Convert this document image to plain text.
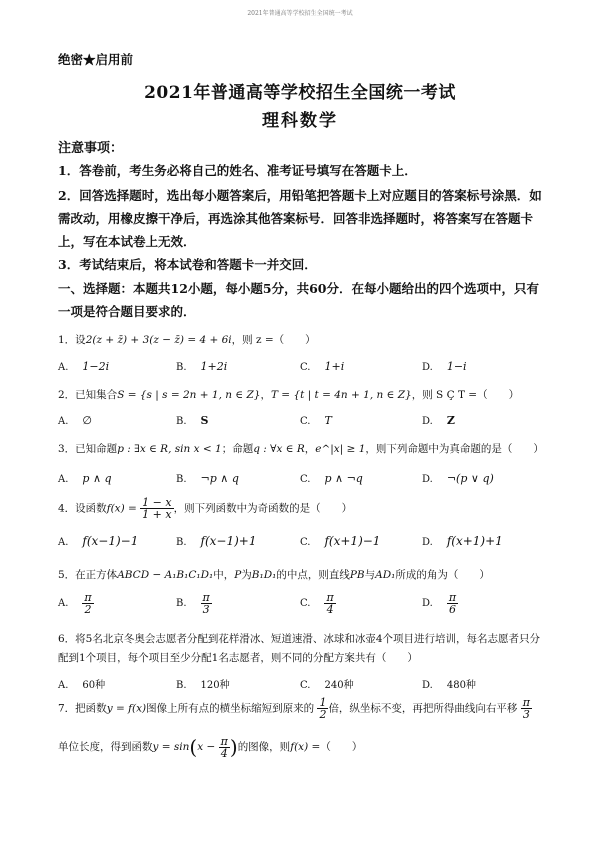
2021年普通高等学校招生全国统一考试
绝密★启用前
2021年普通高等学校招生全国统一考试
理科数学
注意事项：
1．答卷前，考生务必将自己的姓名、准考证号填写在答题卡上．
2．回答选择题时，选出每小题答案后，用铅笔把答题卡上对应题目的答案标号涂黑．如需改动，用橡皮擦干净后，再选涂其他答案标号．回答非选择题时，将答案写在答题卡上，写在本试卷上无效．
3．考试结束后，将本试卷和答题卡一并交回．
一、选择题：本题共12小题，每小题5分，共60分．在每小题给出的四个选项中，只有一项是符合题目要求的．
1．设2(z + z̄) + 3(z − z̄) = 4 + 6i，则 z =（　　）
A. 1−2i	B. 1+2i	C. 1+i	D. 1−i
2．已知集合S = {s | s = 2n + 1, n ∈ Z}，T = {t | t = 4n + 1, n ∈ Z}，则 S Ç T =（　　）
A. ∅	B. S	C. T	D. Z
3．已知命题p : ∃x ∈ R, sin x < 1；命题q : ∀x ∈ R，e^|x| ≥ 1，则下列命题中为真命题的是（　　）
A. p ∧ q	B. ¬p ∧ q	C. p ∧ ¬q	D. ¬(p ∨ q)
4．设函数$f(x) = \frac{1 - x}{1 + x}$ ，则下列函数中为奇函数的是（　　）
A. f(x−1)−1	B. f(x−1)+1	C. f(x+1)−1	D. f(x+1)+1
5．在正方体ABCD − A₁B₁C₁D₁中，P为B₁D₁的中点，则直线PB与AD₁所成的角为（　　）
A. $\frac{\pi}{2}$	B. $\frac{\pi}{3}$	C. $\frac{\pi}{4}$	D. $\frac{\pi}{6}$
6．将5名北京冬奥会志愿者分配到花样滑冰、短道速滑、冰球和冰壶4个项目进行培训，每名志愿者只分
配到1个项目，每个项目至少分配1名志愿者，则不同的分配方案共有（　　）
A. 60种	B. 120种	C. 240种	D. 480种
7．把函数y = f(x)图像上所有点的横坐标缩短到原来的 $\frac{1}{2}$ 倍，纵坐标不变，再把所得曲线向右平移 $\frac{\pi}{3}$
单位长度，得到函数$y = \sin(x - \frac{\pi}{4}$ )的图像，则f(x) =（　　）
